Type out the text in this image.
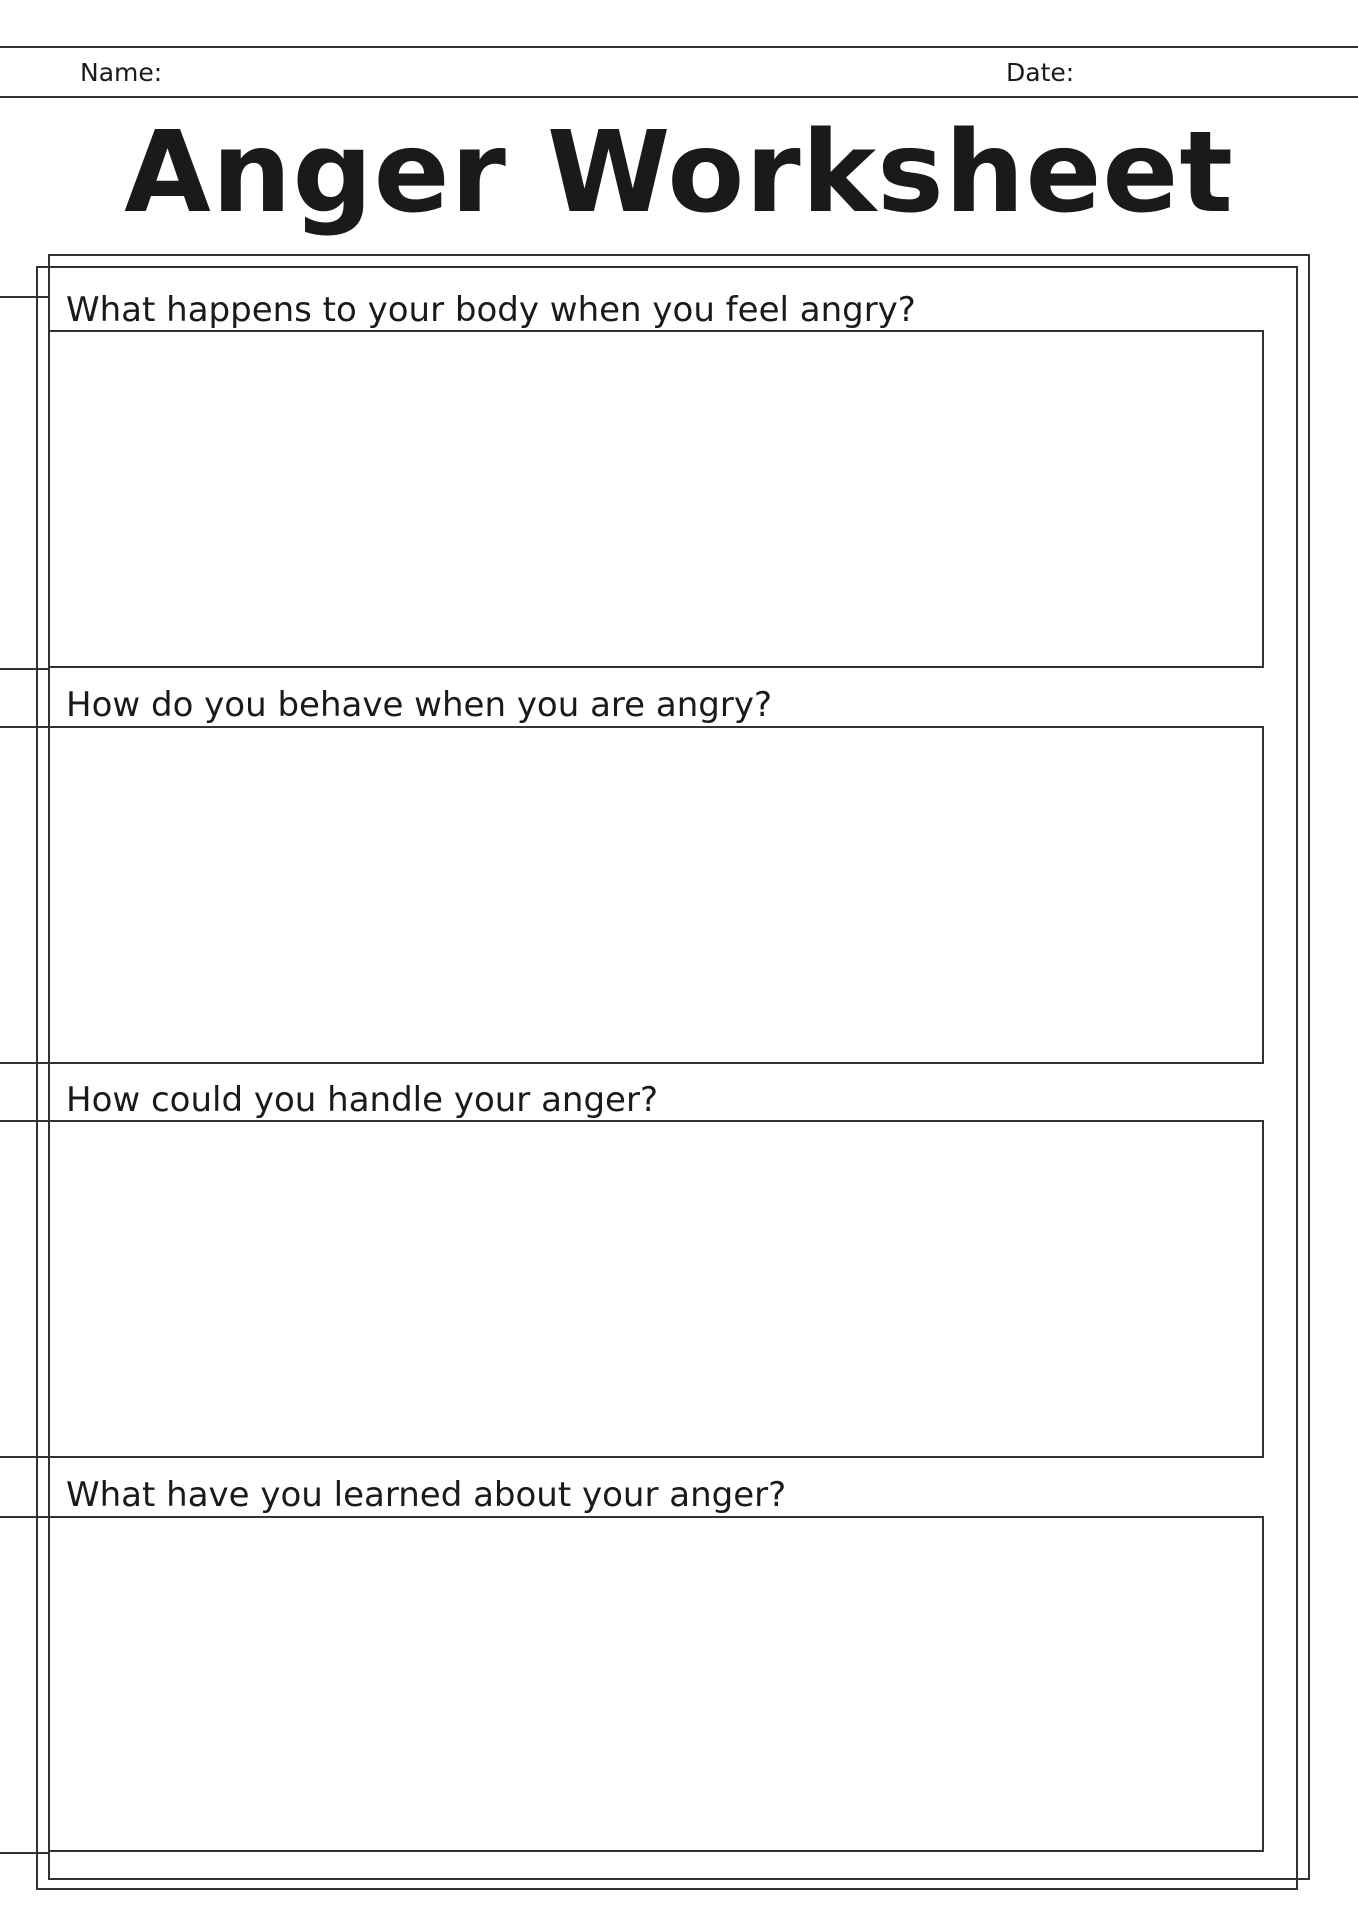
Name:	Date:
Anger Worksheet
What happens to your body when you feel angry?
How do you behave when you are angry?
How could you handle your anger?
What have you learned about your anger?
